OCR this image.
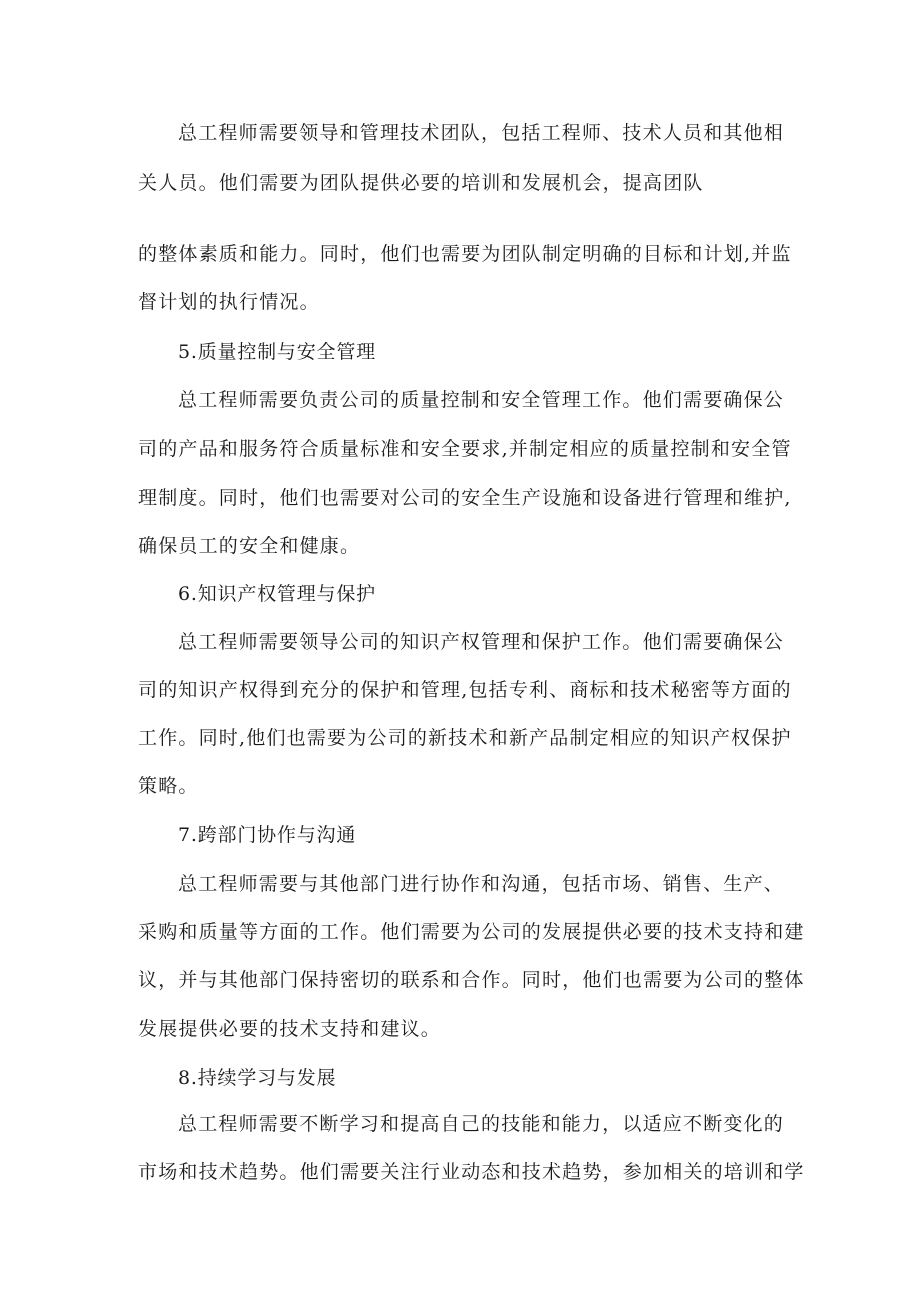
总工程师需要领导和管理技术团队，包括工程师、技术人员和其他相
关人员。他们需要为团队提供必要的培训和发展机会，提高团队
的整体素质和能力。同时，他们也需要为团队制定明确的目标和计划,并监
督计划的执行情况。
5.质量控制与安全管理
总工程师需要负责公司的质量控制和安全管理工作。他们需要确保公
司的产品和服务符合质量标准和安全要求,并制定相应的质量控制和安全管
理制度。同时，他们也需要对公司的安全生产设施和设备进行管理和维护,
确保员工的安全和健康。
6.知识产权管理与保护
总工程师需要领导公司的知识产权管理和保护工作。他们需要确保公
司的知识产权得到充分的保护和管理,包括专利、商标和技术秘密等方面的
工作。同时,他们也需要为公司的新技术和新产品制定相应的知识产权保护
策略。
7.跨部门协作与沟通
总工程师需要与其他部门进行协作和沟通，包括市场、销售、生产、
采购和质量等方面的工作。他们需要为公司的发展提供必要的技术支持和建
议，并与其他部门保持密切的联系和合作。同时，他们也需要为公司的整体
发展提供必要的技术支持和建议。
8.持续学习与发展
总工程师需要不断学习和提高自己的技能和能力，以适应不断变化的
市场和技术趋势。他们需要关注行业动态和技术趋势，参加相关的培训和学
